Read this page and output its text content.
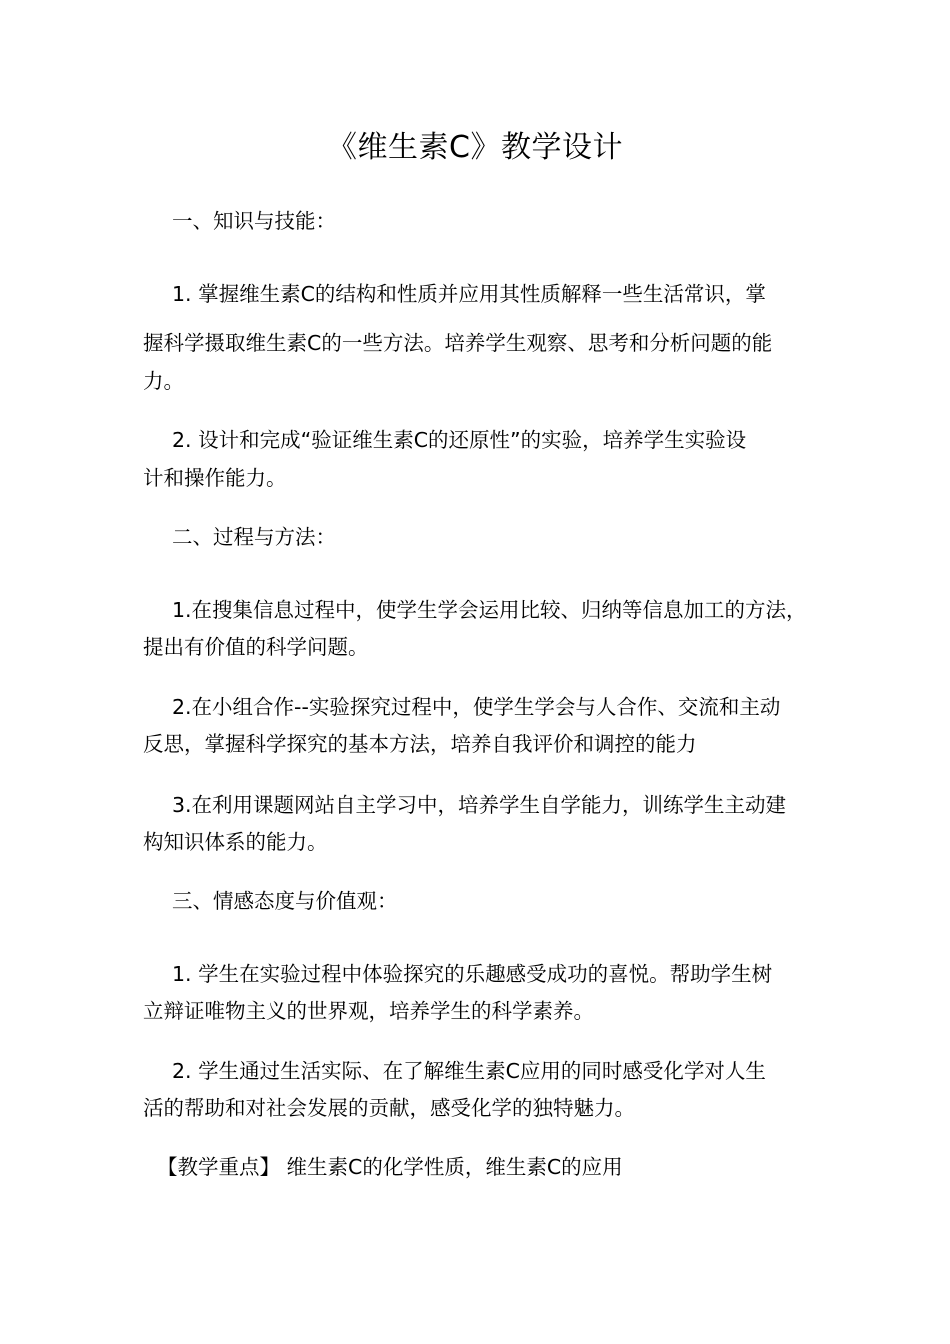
《维生素C》教学设计
一、知识与技能：
1. 掌握维生素C的结构和性质并应用其性质解释一些生活常识，掌
握科学摄取维生素C的一些方法。培养学生观察、思考和分析问题的能
力。
2. 设计和完成“验证维生素C的还原性”的实验，培养学生实验设
计和操作能力。
二、过程与方法：
1.在搜集信息过程中，使学生学会运用比较、归纳等信息加工的方法，
提出有价值的科学问题。
2.在小组合作--实验探究过程中，使学生学会与人合作、交流和主动
反思，掌握科学探究的基本方法，培养自我评价和调控的能力
3.在利用课题网站自主学习中，培养学生自学能力，训练学生主动建
构知识体系的能力。
三、情感态度与价值观：
1. 学生在实验过程中体验探究的乐趣感受成功的喜悦。帮助学生树
立辩证唯物主义的世界观，培养学生的科学素养。
2. 学生通过生活实际、在了解维生素C应用的同时感受化学对人生
活的帮助和对社会发展的贡献，感受化学的独特魅力。
【教学重点】 维生素C的化学性质，维生素C的应用
